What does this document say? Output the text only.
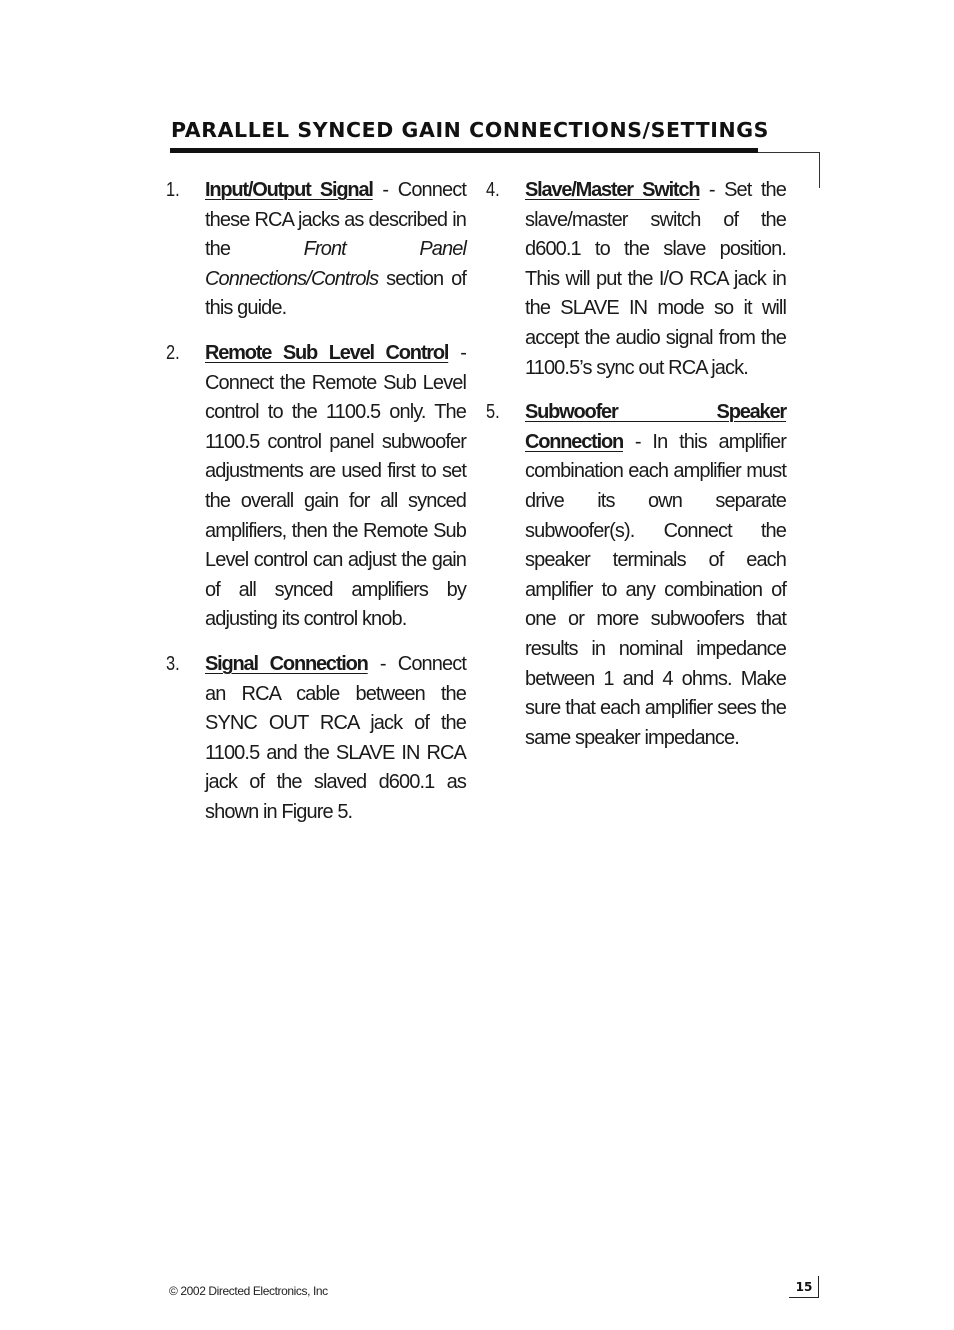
PARALLEL SYNCED GAIN CONNECTIONS/SETTINGS
1.	Input/Output Signal - Connect these RCA jacks as described in the Front Panel Connections/Controls section of this guide.
2.	Remote Sub Level Control - Connect the Remote Sub Level control to the 1100.5 only. The 1100.5 control panel subwoofer adjustments are used first to set the overall gain for all synced amplifiers, then the Remote Sub Level control can adjust the gain of all synced amplifiers by adjusting its control knob.
3.	Signal Connection - Connect an RCA cable between the SYNC OUT RCA jack of the 1100.5 and the SLAVE IN RCA jack of the slaved d600.1 as shown in Figure 5.
4.	Slave/Master Switch - Set the slave/master switch of the d600.1 to the slave position. This will put the I/O RCA jack in the SLAVE IN mode so it will accept the audio signal from the 1100.5’s sync out RCA jack.
5.	Subwoofer Speaker Connection - In this amplifier combination each amplifier must drive its own separate subwoofer(s). Connect the speaker terminals of each amplifier to any combination of one or more subwoofers that results in nominal impedance between 1 and 4 ohms. Make sure that each amplifier sees the same speaker impedance.
© 2002 Directed Electronics, Inc	15
